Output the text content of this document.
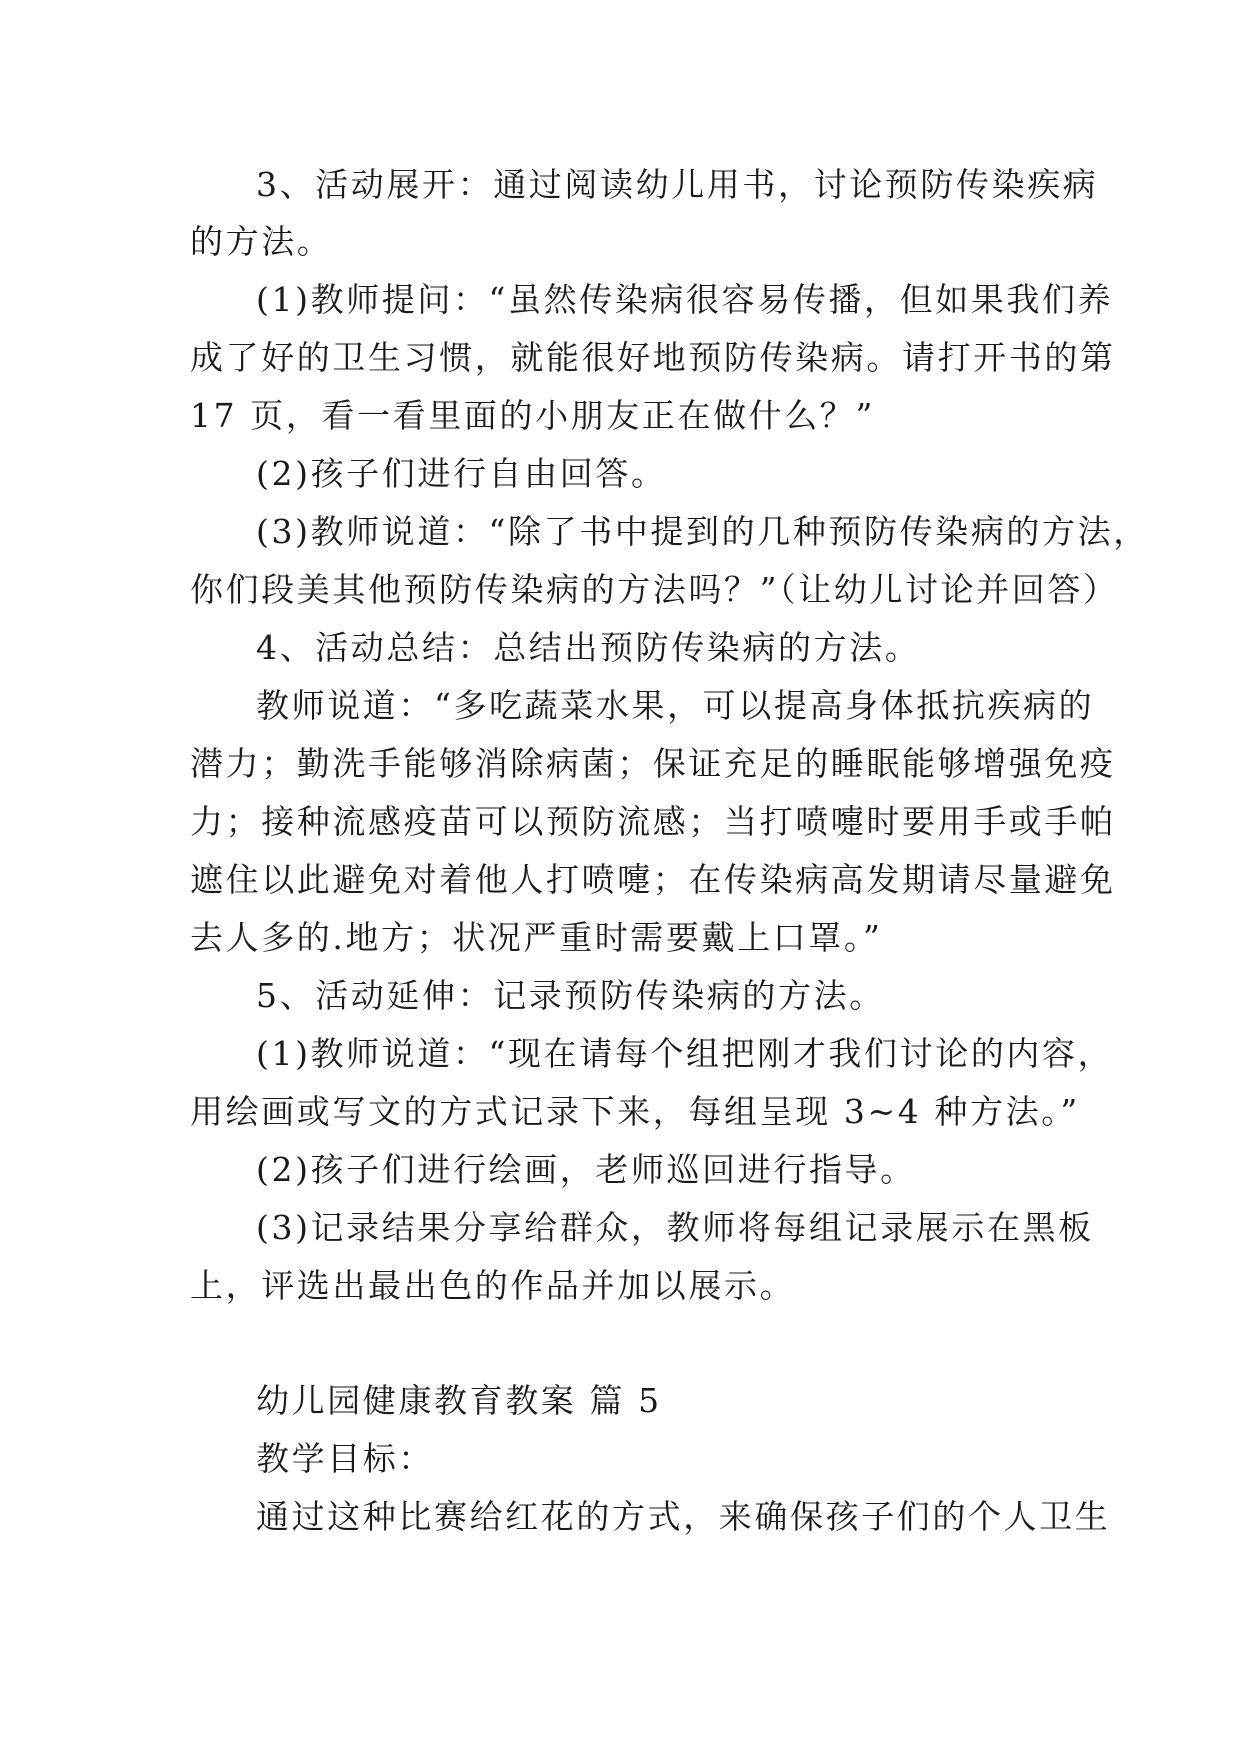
3、活动展开：通过阅读幼儿用书，讨论预防传染疾病
的方法。
(1)教师提问：“虽然传染病很容易传播，但如果我们养
成了好的卫生习惯，就能很好地预防传染病。请打开书的第
17 页，看一看里面的小朋友正在做什么？”
(2)孩子们进行自由回答。
(3)教师说道：“除了书中提到的几种预防传染病的方法，
你们段美其他预防传染病的方法吗？”（让幼儿讨论并回答）
4、活动总结：总结出预防传染病的方法。
教师说道：“多吃蔬菜水果，可以提高身体抵抗疾病的
潜力；勤洗手能够消除病菌；保证充足的睡眠能够增强免疫
力；接种流感疫苗可以预防流感；当打喷嚏时要用手或手帕
遮住以此避免对着他人打喷嚏；在传染病高发期请尽量避免
去人多的.地方；状况严重时需要戴上口罩。”
5、活动延伸：记录预防传染病的方法。
(1)教师说道：“现在请每个组把刚才我们讨论的内容，
用绘画或写文的方式记录下来，每组呈现 3~4 种方法。”
(2)孩子们进行绘画，老师巡回进行指导。
(3)记录结果分享给群众，教师将每组记录展示在黑板
上，评选出最出色的作品并加以展示。
幼儿园健康教育教案 篇 5
教学目标：
通过这种比赛给红花的方式，来确保孩子们的个人卫生
